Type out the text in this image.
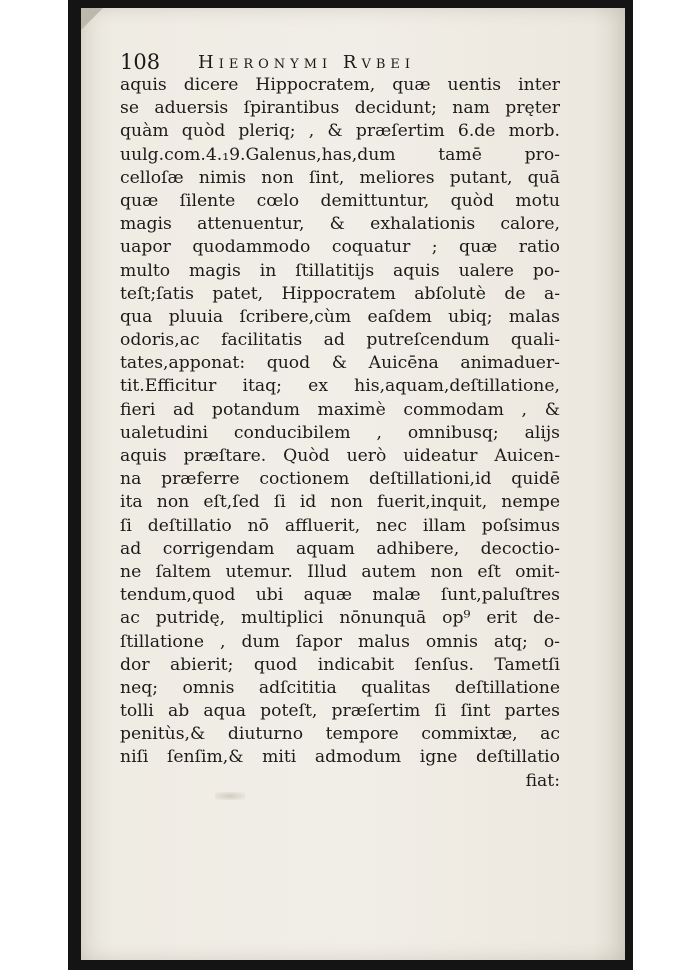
108 Hieronymi Rvbei
aquis dicere Hippocratem, quæ uentis inter
se aduersis ſpirantibus decidunt; nam pręter
quàm quòd pleriq; , & præſertim 6.de morb.
uulg.com.4.₁9.Galenus,has,dum tamē pro-
celloſæ nimis non ſint, meliores putant, quā
quæ ſilente cœlo demittuntur, quòd motu
magis attenuentur, & exhalationis calore,
uapor quodammodo coquatur ; quæ ratio
multo magis in ſtillatitijs aquis ualere po-
teſt;ſatis patet, Hippocratem abſolutè de a-
qua pluuia ſcribere,cùm eaſdem ubiq; malas
odoris,ac facilitatis ad putreſcendum quali-
tates,apponat: quod & Auicēna animaduer-
tit.Efficitur itaq; ex his,aquam,deſtillatione,
fieri ad potandum maximè commodam , &
ualetudini conducibilem , omnibusq; alijs
aquis præſtare. Quòd uerò uideatur Auicen-
na præferre coctionem deſtillationi,id quidē
ita non eſt,ſed ſi id non fuerit,inquit, nempe
ſi deſtillatio nō affluerit, nec illam poſsimus
ad corrigendam aquam adhibere, decoctio-
ne ſaltem utemur. Illud autem non eſt omit-
tendum,quod ubi aquæ malæ ſunt,paluſtres
ac putridę, multiplici nōnunquā op⁹ erit de-
ſtillatione , dum ſapor malus omnis atq; o-
dor abierit; quod indicabit ſenſus. Tametſi
neq; omnis adſcititia qualitas deſtillatione
tolli ab aqua poteſt, præſertim ſi ſint partes
penitùs,& diuturno tempore commixtæ, ac
niſi ſenſim,& miti admodum igne deſtillatio
fiat:
